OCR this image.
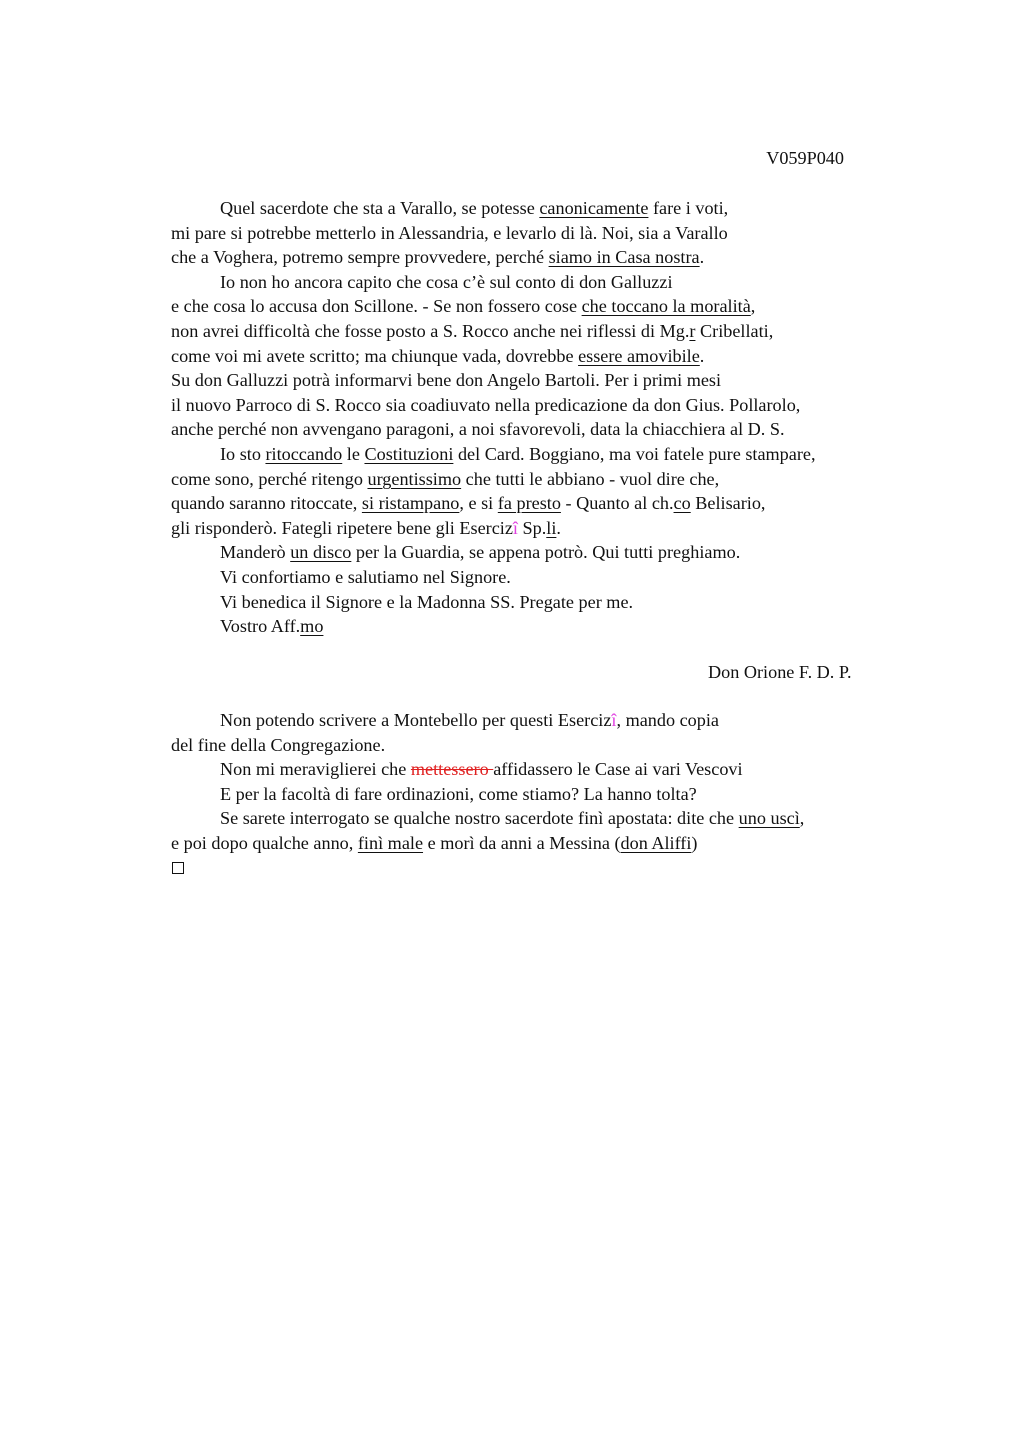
V059P040
Quel sacerdote che sta a Varallo, se potesse canonicamente fare i voti,
mi pare si potrebbe metterlo in Alessandria, e levarlo di là. Noi, sia a Varallo
che a Voghera, potremo sempre provvedere, perché siamo in Casa nostra.
Io non ho ancora capito che cosa c’è sul conto di don Galluzzi
e che cosa lo accusa don Scillone. - Se non fossero cose che toccano la moralità,
non avrei difficoltà che fosse posto a S. Rocco anche nei riflessi di Mg.r Cribellati,
come voi mi avete scritto; ma chiunque vada, dovrebbe essere amovibile.
Su don Galluzzi potrà informarvi bene don Angelo Bartoli. Per i primi mesi
il nuovo Parroco di S. Rocco sia coadiuvato nella predicazione da don Gius. Pollarolo,
anche perché non avvengano paragoni, a noi sfavorevoli, data la chiacchiera al D. S.
Io sto ritoccando le Costituzioni del Card. Boggiano, ma voi fatele pure stampare,
come sono, perché ritengo urgentissimo che tutti le abbiano - vuol dire che,
quando saranno ritoccate, si ristampano, e si fa presto - Quanto al ch.co Belisario,
gli risponderò. Fategli ripetere bene gli Esercizî Sp.li.
Manderò un disco per la Guardia, se appena potrò. Qui tutti preghiamo.
Vi confortiamo e salutiamo nel Signore.
Vi benedica il Signore e la Madonna SS. Pregate per me.
Vostro Aff.mo
Don Orione F. D. P.
Non potendo scrivere a Montebello per questi Esercizî, mando copia
del fine della Congregazione.
Non mi meraviglierei che mettessero affidassero le Case ai vari Vescovi
E per la facoltà di fare ordinazioni, come stiamo? La hanno tolta?
Se sarete interrogato se qualche nostro sacerdote finì apostata: dite che uno uscì,
e poi dopo qualche anno, finì male e morì da anni a Messina (don Aliffi)
